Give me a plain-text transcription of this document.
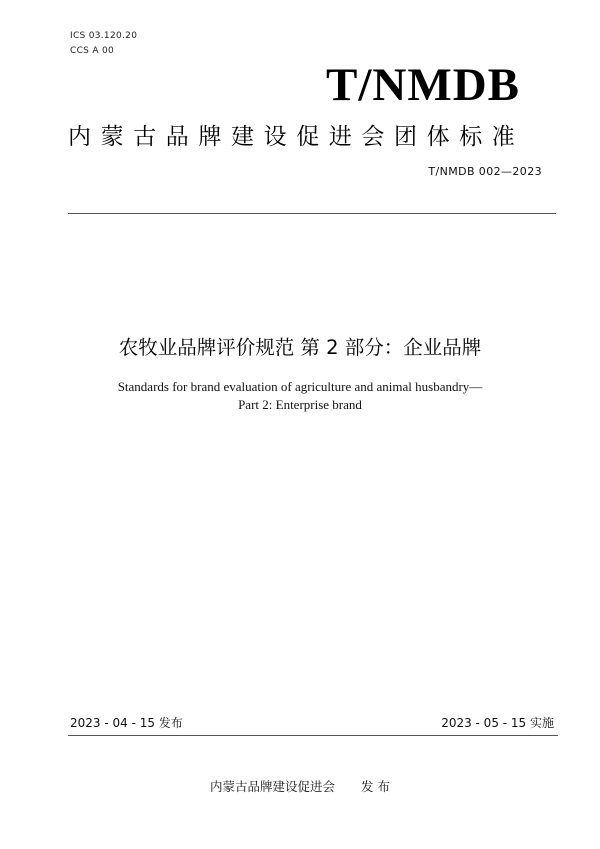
ICS 03.120.20
CCS A 00
T/NMDB
内蒙古品牌建设促进会团体标准
T/NMDB 002—2023
农牧业品牌评价规范 第 2 部分：企业品牌
Standards for brand evaluation of agriculture and animal husbandry—
Part 2: Enterprise brand
2023 - 04 - 15 发布	2023 - 05 - 15 实施
内蒙古品牌建设促进会 发 布
